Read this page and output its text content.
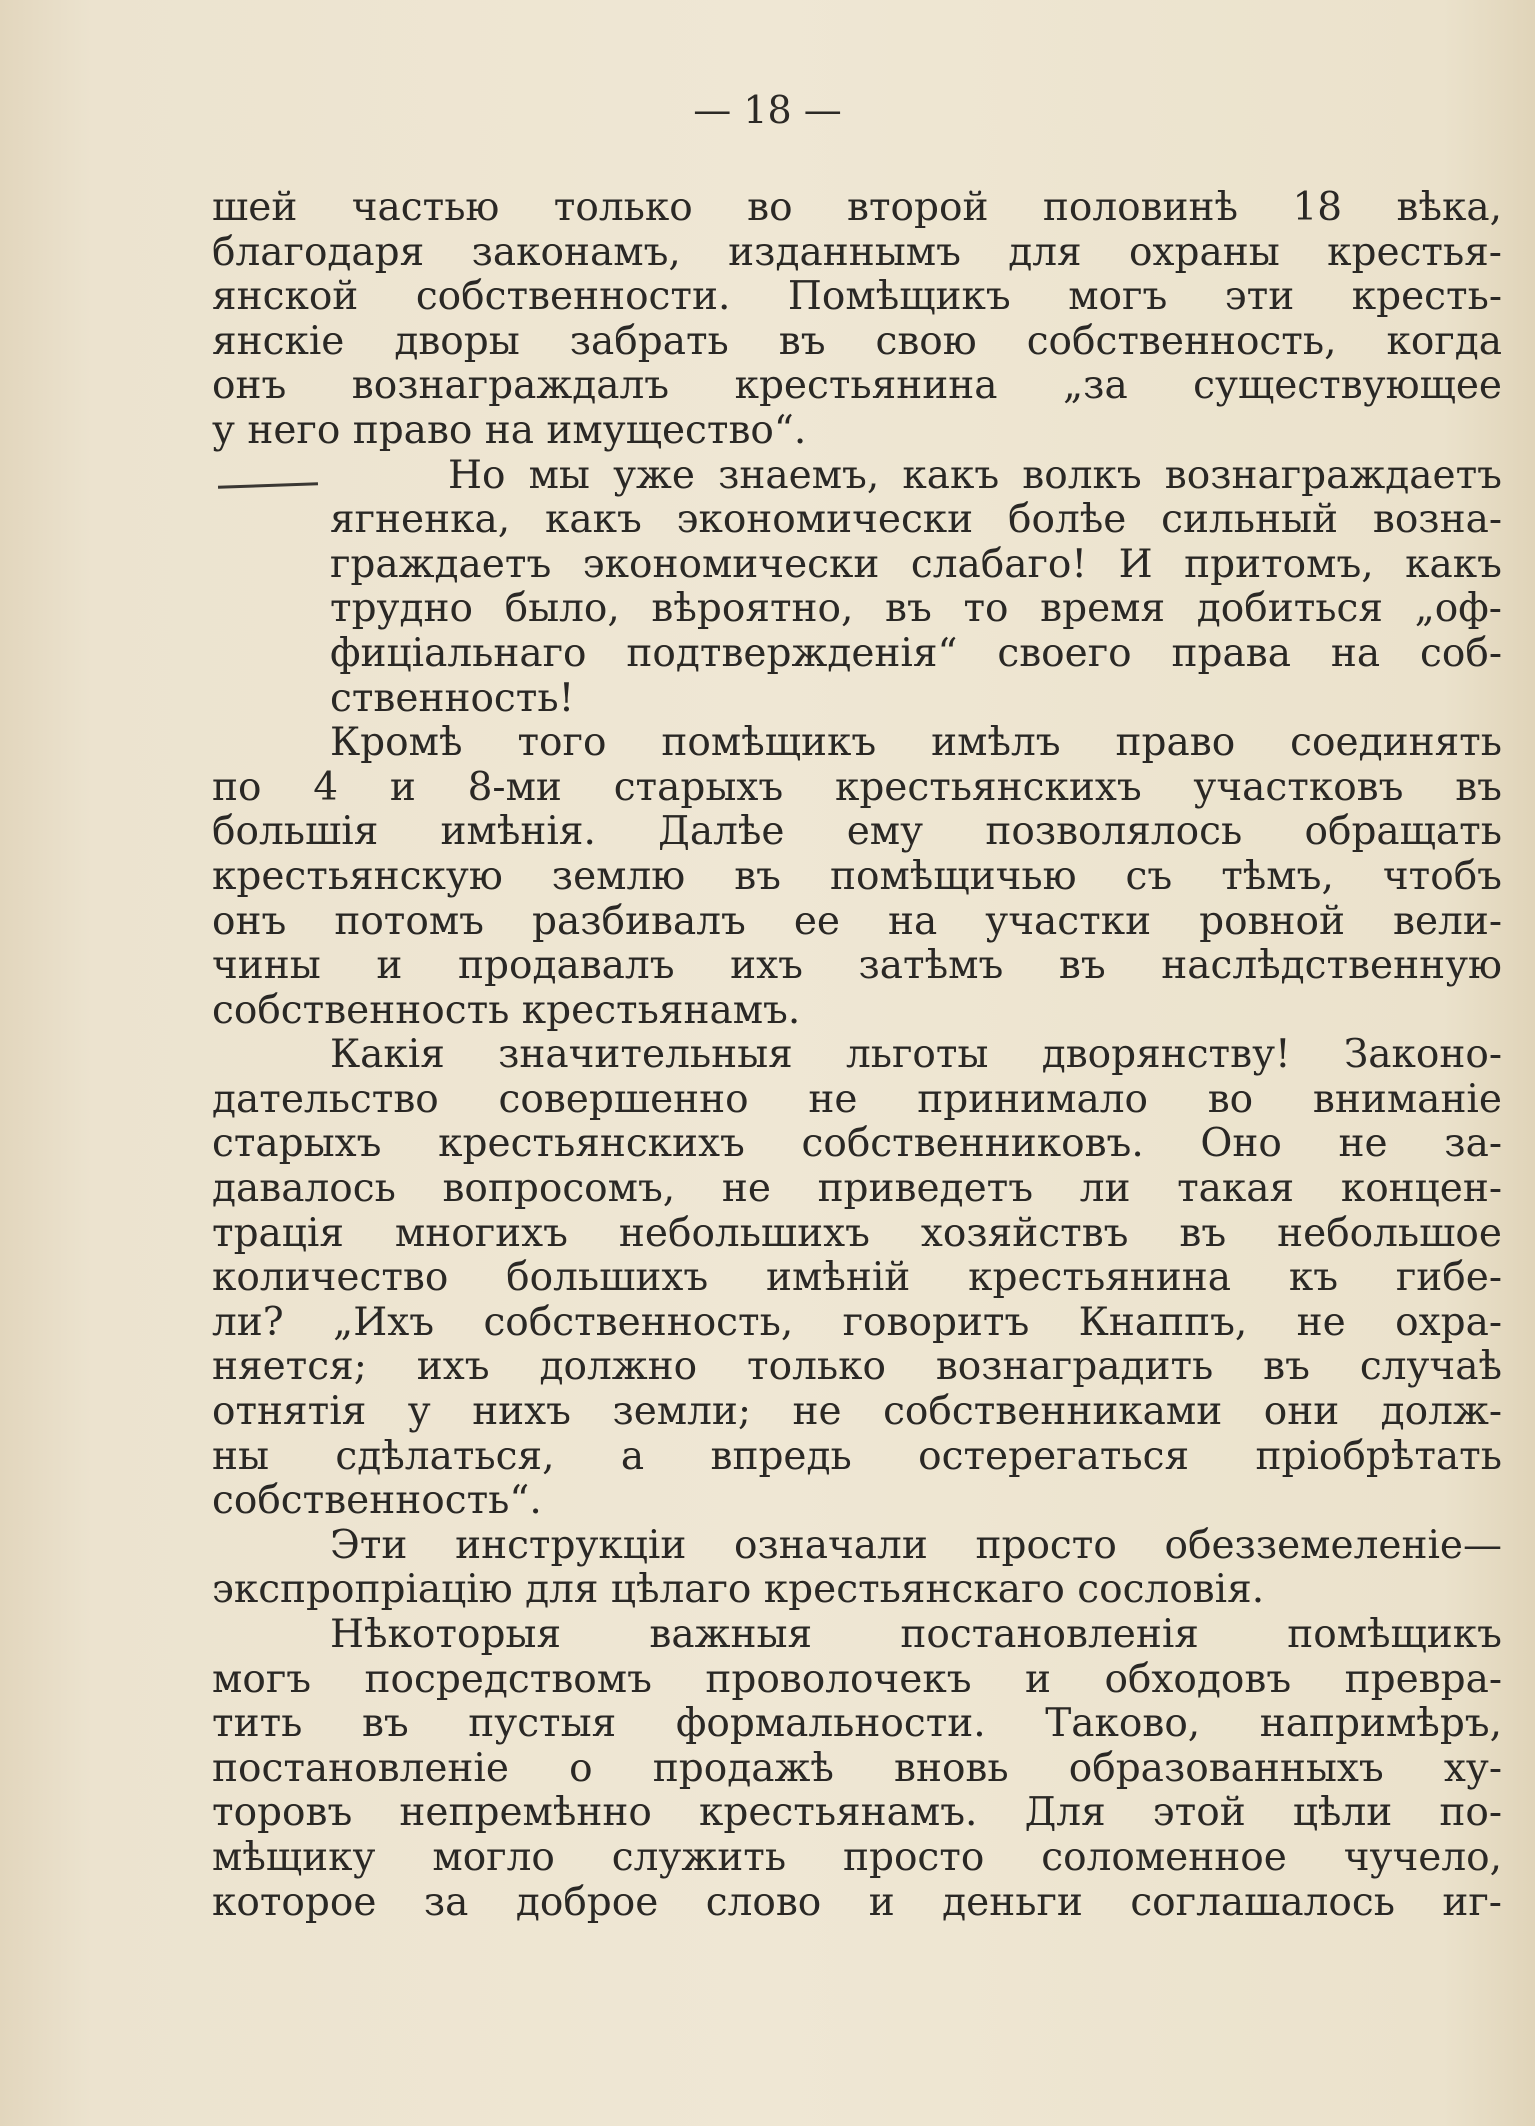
— 18 —

шей частью только во второй половинѣ 18 вѣка,
благодаря законамъ, изданнымъ для охраны крестья-
янской собственности. Помѣщикъ могъ эти кресть-
янскіе дворы забрать въ свою собственность, когда
онъ вознаграждалъ крестьянина „за существующее
у него право на имущество“.

Но мы уже знаемъ, какъ волкъ вознаграждаетъ
ягненка, какъ экономически болѣе сильный возна-
граждаетъ экономически слабаго! И притомъ, какъ
трудно было, вѣроятно, въ то время добиться „оф-
фиціальнаго подтвержденія“ своего права на соб-
ственность!

Кромѣ того помѣщикъ имѣлъ право соединять
по 4 и 8-ми старыхъ крестьянскихъ участковъ въ
большія имѣнія. Далѣе ему позволялось обращать
крестьянскую землю въ помѣщичью съ тѣмъ, чтобъ
онъ потомъ разбивалъ ее на участки ровной вели-
чины и продавалъ ихъ затѣмъ въ наслѣдственную
собственность крестьянамъ.

Какія значительныя льготы дворянству! Законо-
дательство совершенно не принимало во вниманіе
старыхъ крестьянскихъ собственниковъ. Оно не за-
давалось вопросомъ, не приведетъ ли такая концен-
трація многихъ небольшихъ хозяйствъ въ небольшое
количество большихъ имѣній крестьянина къ гибе-
ли? „Ихъ собственность, говоритъ Кнаппъ, не охра-
няется; ихъ должно только вознаградить въ случаѣ
отнятія у нихъ земли; не собственниками они долж-
ны сдѣлаться, а впредь остерегаться пріобрѣтать
собственность“.

Эти инструкціи означали просто обезземеленіе—
экспропріацію для цѣлаго крестьянскаго сословія.

Нѣкоторыя важныя постановленія помѣщикъ
могъ посредствомъ проволочекъ и обходовъ превра-
тить въ пустыя формальности. Таково, напримѣръ,
постановленіе о продажѣ вновь образованныхъ ху-
торовъ непремѣнно крестьянамъ. Для этой цѣли по-
мѣщику могло служить просто соломенное чучело,
которое за доброе слово и деньги соглашалось иг-
